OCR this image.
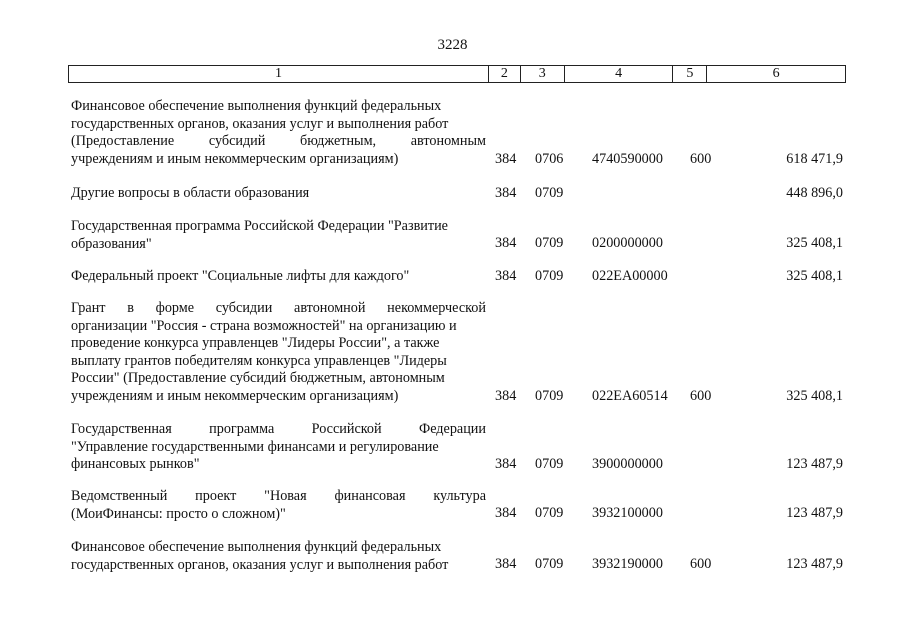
3228
1	2	3	4	5	6
Финансовое обеспечение выполнения функций федеральных
государственных органов, оказания услуг и выполнения работ
(Предоставление субсидий бюджетным, автономным
учреждениям и иным некоммерческим организациям)	384 0706 4740590000 600	618 471,9
Другие вопросы в области образования	384 0709	448 896,0
Государственная программа Российской Федерации "Развитие
образования"	384 0709 0200000000	325 408,1
Федеральный проект "Социальные лифты для каждого"	384 0709 022EA00000	325 408,1
Грант в форме субсидии автономной некоммерческой
организации "Россия - страна возможностей" на организацию и
проведение конкурса управленцев "Лидеры России", а также
выплату грантов победителям конкурса управленцев "Лидеры
России" (Предоставление субсидий бюджетным, автономным
учреждениям и иным некоммерческим организациям)	384 0709 022EA60514 600	325 408,1
Государственная программа Российской Федерации
"Управление государственными финансами и регулирование
финансовых рынков"	384 0709 3900000000	123 487,9
Ведомственный проект "Новая финансовая культура
(МоиФинансы: просто о сложном)"	384 0709 3932100000	123 487,9
Финансовое обеспечение выполнения функций федеральных
государственных органов, оказания услуг и выполнения работ	384 0709 3932190000 600	123 487,9
